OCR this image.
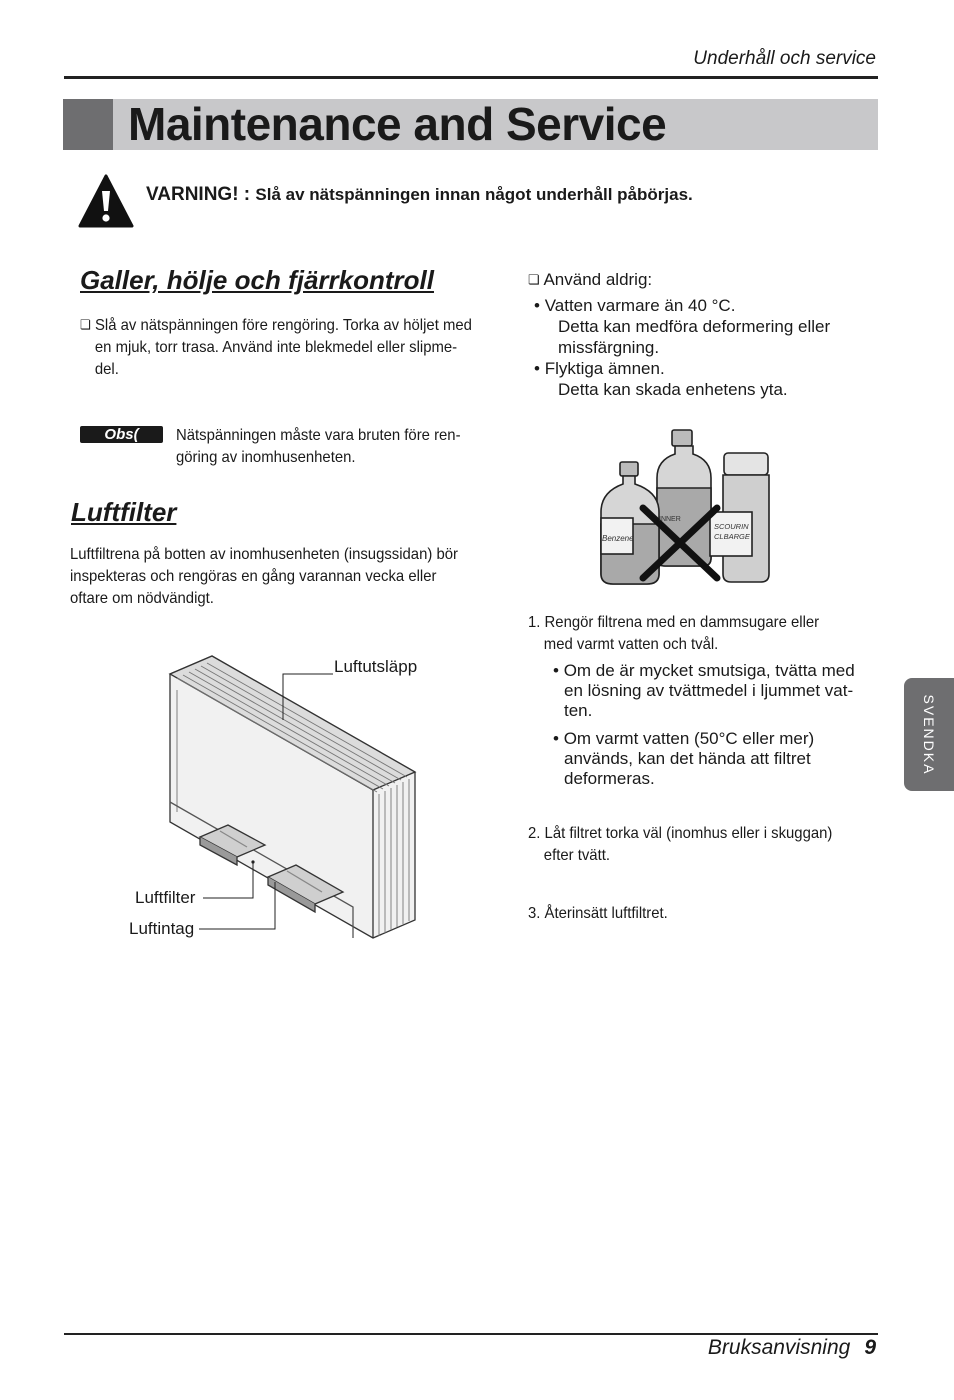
Underhåll och service
Maintenance and Service
VARNING! : Slå av nätspänningen innan något underhåll påbörjas.
Galler, hölje och fjärrkontroll
❏ Slå av nätspänningen före rengöring. Torka av höljet med
en mjuk, torr trasa. Använd inte blekmedel eller slipme-
del.
Obs(	Nätspänningen måste vara bruten före ren-
göring av inomhusenheten.
Luftfilter
Luftfiltrena på botten av inomhusenheten (insugssidan) bör
inspekteras och rengöras en gång varannan vecka eller
oftare om nödvändigt.
❏ Använd aldrig:
• Vatten varmare än 40 °C.
Detta kan medföra deformering eller
missfärgning.
• Flyktiga ämnen.
Detta kan skada enhetens yta.
Benzene
INNER
SCOURIN
CLBARGE
Luftutsläpp
Luftfilter
Luftintag
1. Rengör filtrena med en dammsugare eller
med varmt vatten och tvål.
• Om de är mycket smutsiga, tvätta med
en lösning av tvättmedel i ljummet vat-
ten.
• Om varmt vatten (50°C eller mer)
används, kan det hända att filtret
deformeras.
2. Låt filtret torka väl (inomhus eller i skuggan)
efter tvätt.
3. Återinsätt luftfiltret.
SVENDKA
Bruksanvisning 9
